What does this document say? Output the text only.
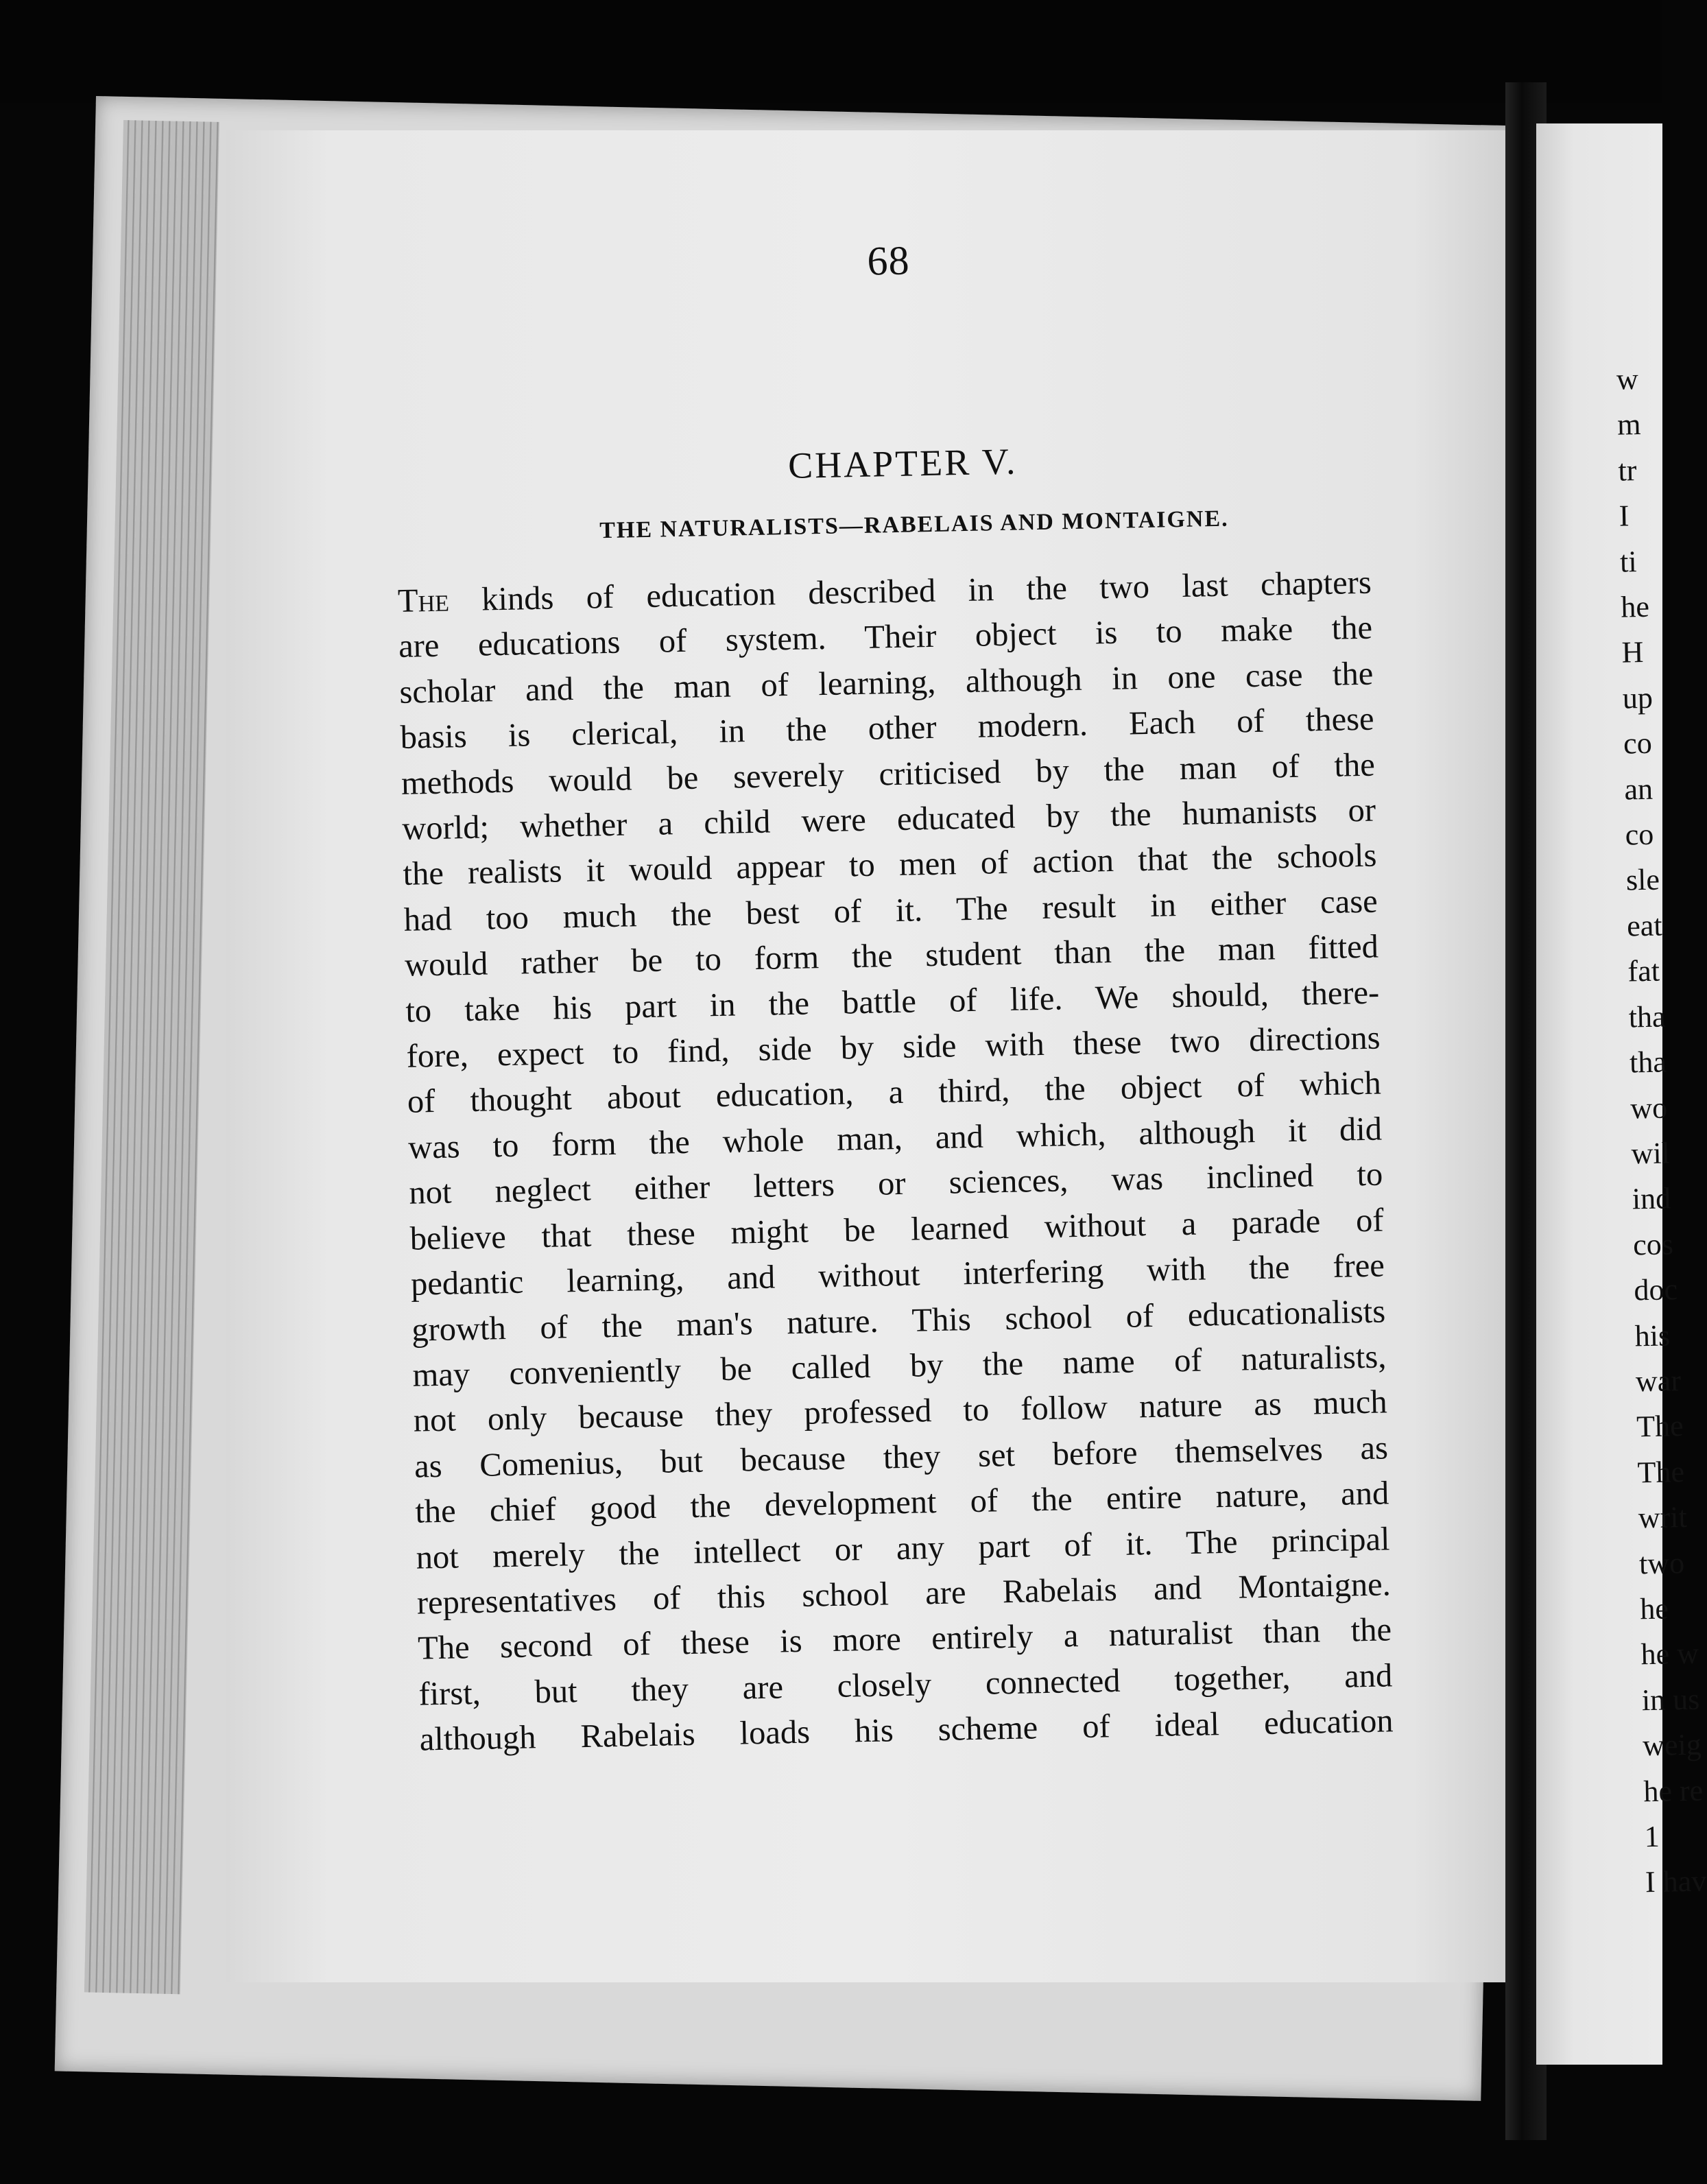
68
CHAPTER V.
THE NATURALISTS—RABELAIS AND MONTAIGNE.
The kinds of education described in the two last chapters
are educations of system. Their object is to make the
scholar and the man of learning, although in one case the
basis is clerical, in the other modern. Each of these
methods would be severely criticised by the man of the
world; whether a child were educated by the humanists or
the realists it would appear to men of action that the schools
had too much the best of it. The result in either case
would rather be to form the student than the man fitted
to take his part in the battle of life. We should, there-
fore, expect to find, side by side with these two directions
of thought about education, a third, the object of which
was to form the whole man, and which, although it did
not neglect either letters or sciences, was inclined to
believe that these might be learned without a parade of
pedantic learning, and without interfering with the free
growth of the man's nature. This school of educationalists
may conveniently be called by the name of naturalists,
not only because they professed to follow nature as much
as Comenius, but because they set before themselves as
the chief good the development of the entire nature, and
not merely the intellect or any part of it. The principal
representatives of this school are Rabelais and Montaigne.
The second of these is more entirely a naturalist than the
first, but they are closely connected together, and
although Rabelais loads his scheme of ideal education
w
m
tr
I
ti
he
H
up
co
an
co
sle
eat
fat
tha
tha
wo
wil
ind
cos
doc
his
war
The
The
writ
two
he
he w
in us
weig
he re
1
I hav
